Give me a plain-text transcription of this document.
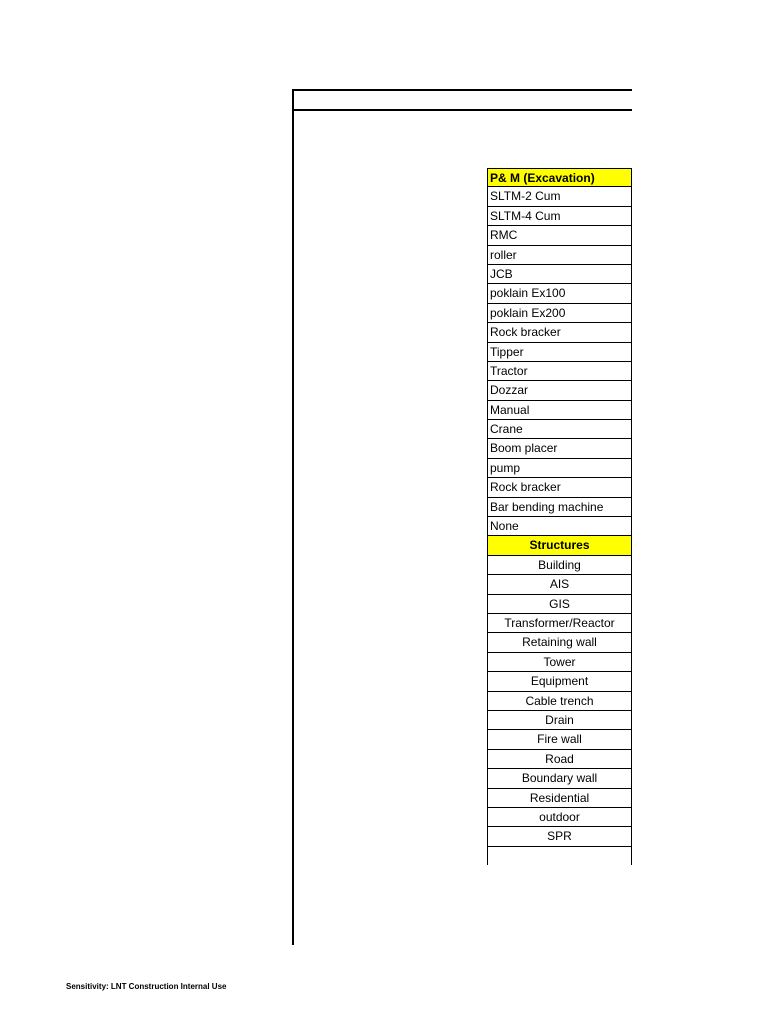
P& M (Excavation)
SLTM-2 Cum
SLTM-4 Cum
RMC
roller
JCB
poklain Ex100
poklain Ex200
Rock bracker
Tipper
Tractor
Dozzar
Manual
Crane
Boom placer
pump
Rock bracker
Bar bending machine
None
Structures
Building
AIS
GIS
Transformer/Reactor
Retaining wall
Tower
Equipment
Cable trench
Drain
Fire wall
Road
Boundary wall
Residential
outdoor
SPR
Sensitivity: LNT Construction Internal Use
